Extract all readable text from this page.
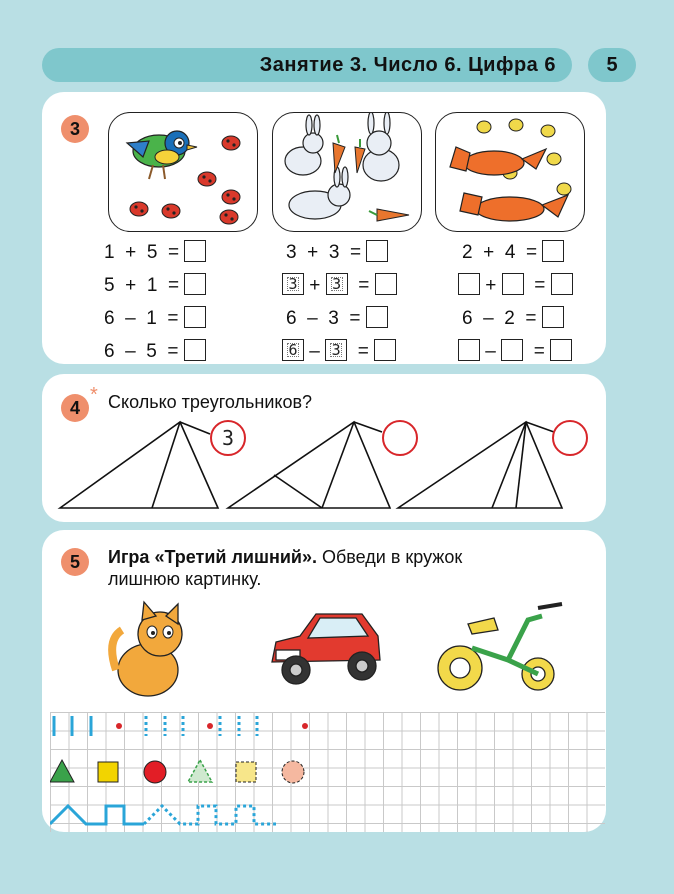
Занятие 3. Число 6. Цифра 6	5
3
1 + 5 =
5 + 1 =
6 – 1 =
6 – 5 =
3 + 3 =
3 + 3 =
6 – 3 =
6 – 3 =
2 + 4 =
+ =
6 – 2 =
– =
4
* Сколько треугольников?
3
5	Игра «Третий лишний». Обведи в кружок
лишнюю картинку.
